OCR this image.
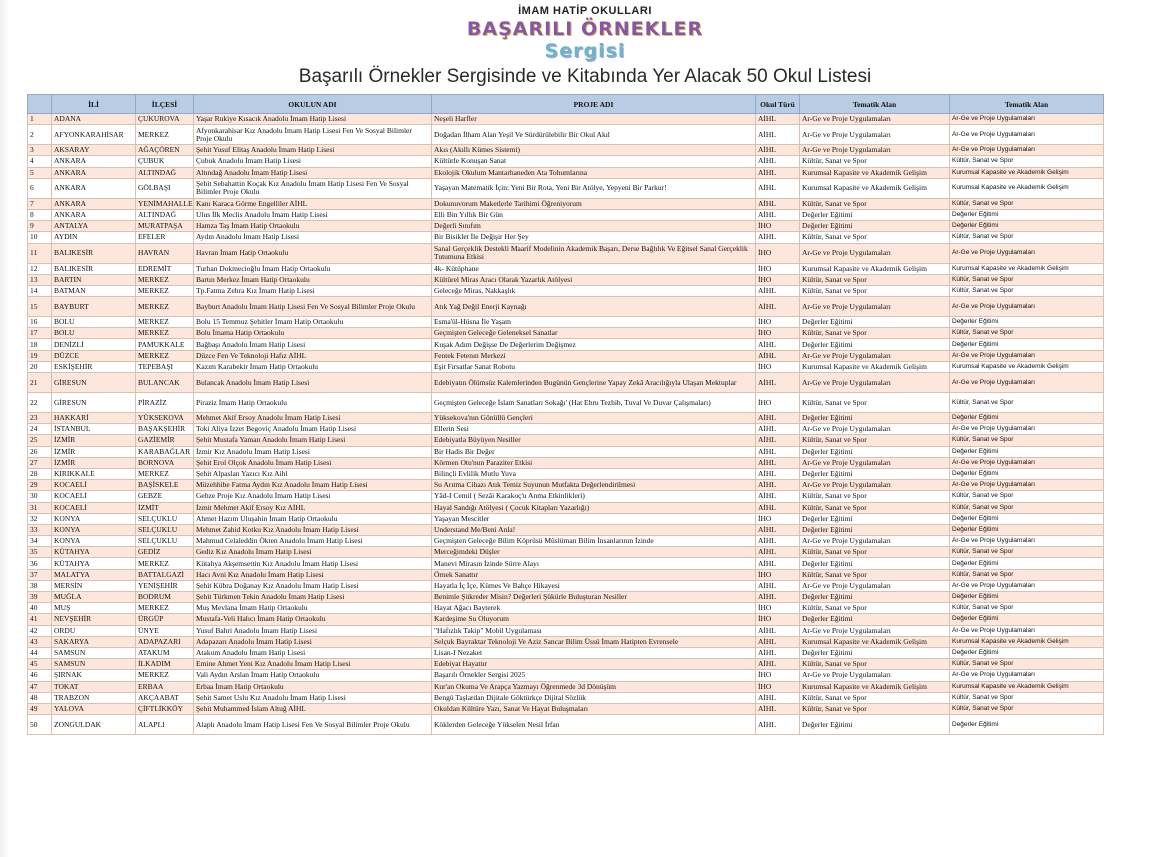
İMAM HATİP OKULLARI
BAŞARILI ÖRNEKLER
Sergisi
Başarılı Örnekler Sergisinde ve Kitabında Yer Alacak 50 Okul Listesi
	İLİ	İLÇESİ	OKULUN ADI	PROJE ADI	Okul Türü	Tematik Alan	Tematik Alan
1	ADANA	ÇUKUROVA	Yaşar Rukiye Kısacık Anadolu İmam Hatip Lisesi	Neşeli Harfler	AİHL	Ar-Ge ve Proje Uygulamaları	Ar-Ge ve Proje Uygulamaları
2	AFYONKARAHİSAR	MERKEZ	Afyonkarahisar Kız Anadolu İmam Hatip Lisesi Fen Ve Sosyal Bilimler Proje Okulu	Doğadan İlham Alan Yeşil Ve Sürdürülebilir Bir Okul Akıl	AİHL	Ar-Ge ve Proje Uygulamaları	Ar-Ge ve Proje Uygulamaları
3	AKSARAY	AĞAÇÖREN	Şehit Yusuf Elitaş Anadolu İmam Hatip Lisesi	Akıs (Akıllı Kümes Sistemi)	AİHL	Ar-Ge ve Proje Uygulamaları	Ar-Ge ve Proje Uygulamaları
4	ANKARA	ÇUBUK	Çubuk Anadolu İmam Hatip Lisesi	Kültürle Konuşan Sanat	AİHL	Kültür, Sanat ve Spor	Kültür, Sanat ve Spor
5	ANKARA	ALTINDAĞ	Altındağ Anadolu İmam Hatip Lisesi	Ekolojik Okulum Mantarhaneden Ata Tohumlarına	AİHL	Kurumsal Kapasite ve Akademik Gelişim	Kurumsal Kapasite ve Akademik Gelişim
6	ANKARA	GÖLBAŞI	Şehit Sebahattin Koçak Kız Anadolu İmam Hatip Lisesi Fen Ve Sosyal Bilimler Proje Okulu	Yaşayan Matematik İçin: Yeni Bir Rota, Yeni Bir Atölye, Yepyeni Bir Parkur!	AİHL	Kurumsal Kapasite ve Akademik Gelişim	Kurumsal Kapasite ve Akademik Gelişim
7	ANKARA	YENİMAHALLE	Kanı Karaca Görme Engelliler AİHL	Dokunuvorum Maketlerle Tarihimi Öğreniyorum	AİHL	Kültür, Sanat ve Spor	Kültür, Sanat ve Spor
8	ANKARA	ALTINDAĞ	Ulus İlk Meclis Anadolu İmam Hatip Lisesi	Elli Bin Yıllık Bir Gün	AİHL	Değerler Eğitimi	Değerler Eğitimi
9	ANTALYA	MURATPAŞA	Hamza Taş İmam Hatip Ortaokulu	Değerli Sınıfım	İHO	Değerler Eğitimi	Değerler Eğitimi
10	AYDIN	EFELER	Aydın Anadolu İmam Hatip Lisesi	Bir Bisiklet İle Değişir Her Şey	AİHL	Kültür, Sanat ve Spor	Kültür, Sanat ve Spor
11	BALIKESİR	HAVRAN	Havran İmam Hatip Ortaokulu	Sanal Gerçeklik Destekli Maarif Modelinin Akademik Başarı, Derse Bağlılık Ve Eğitsel Sanal Gerçeklik Tutumuna Etkisi	İHO	Ar-Ge ve Proje Uygulamaları	Ar-Ge ve Proje Uygulamaları
12	BALIKESİR	EDREMİT	Turhan Dokmecioğlu İmam Hatip Ortaokulu	4k- Kütüphane	İHO	Kurumsal Kapasite ve Akademik Gelişim	Kurumsal Kapasite ve Akademik Gelişim
13	BARTIN	MERKEZ	Bartın Merkez İmam Hatip Ortaokulu	Kültürel Miras Aracı Olarak Yazarlık Atölyesi	İHO	Kültür, Sanat ve Spor	Kültür, Sanat ve Spor
14	BATMAN	MERKEZ	Tp.Fatma Zehra Kız İmam Hatip Lisesi	Geleceğe Miras, Nakkaşlık	AİHL	Kültür, Sanat ve Spor	Kültür, Sanat ve Spor
15	BAYBURT	MERKEZ	Bayburt Anadolu İmam Hatip Lisesi Fen Ve Sosyal Bilimler Proje Okulu	Atık Yağ Değil Enerji Kaynağı	AİHL	Ar-Ge ve Proje Uygulamaları	Ar-Ge ve Proje Uygulamaları
16	BOLU	MERKEZ	Bolu 15 Temmuz Şehitler İmam Hatip Ortaokulu	Esma'ül-Hüsna İle Yaşam	İHO	Değerler Eğitimi	Değerler Eğitimi
17	BOLU	MERKEZ	Bolu İmama Hatip Ortaokulu	Geçmişten Geleceğe Geleneksel Sanatlar	İHO	Kültür, Sanat ve Spor	Kültür, Sanat ve Spor
18	DENİZLİ	PAMUKKALE	Bağbaşı Anadolu İmam Hatip Lisesi	Kuşak Adım Değişse De Değerlerim Değişmez	AİHL	Değerler Eğitimi	Değerler Eğitimi
19	DÜZCE	MERKEZ	Düzce Fen Ve Teknoloji Hafız AİHL	Fentek Fetenın Merkezi	AİHL	Ar-Ge ve Proje Uygulamaları	Ar-Ge ve Proje Uygulamaları
20	ESKİŞEHİR	TEPEBAŞI	Kazım Karabekir İmam Hatip Ortaokulu	Eşit Fırsatlar Sanat Robotu	İHO	Kurumsal Kapasite ve Akademik Gelişim	Kurumsal Kapasite ve Akademik Gelişim
21	GİRESUN	BULANCAK	Bulancak Anadolu İmam Hatip Lisesi	Edebiyatın Ölümsüz Kalemlerinden Bugünün Gençlerine Yapay Zekâ Aracılığıyla Ulaşan Mektuplar	AİHL	Ar-Ge ve Proje Uygulamaları	Ar-Ge ve Proje Uygulamaları
22	GİRESUN	PİRAZİZ	Piraziz İmam Hatip Ortaokulu	Geçmişten Geleceğe İslam Sanatları Sokağı' (Hat Ebru Tezhib, Tuval Ve Duvar Çalışmaları)	İHO	Kültür, Sanat ve Spor	Kültür, Sanat ve Spor
23	HAKKARİ	YÜKSEKOVA	Mehmet Akif Ersoy Anadolu İmam Hatip Lisesi	Yüksekova'nın Gönüllü Gençleri	AİHL	Değerler Eğitimi	Değerler Eğitimi
24	İSTANBUL	BAŞAKŞEHİR	Toki Aliya İzzet Begoviç Anadolu İmam Hatip Lisesi	Ellerin Sesi	AİHL	Ar-Ge ve Proje Uygulamaları	Ar-Ge ve Proje Uygulamaları
25	İZMİR	GAZİEMİR	Şehit Mustafa Yaman Anadolu İmam Hatip Lisesi	Edebiyatla Büyüyen Nesiller	AİHL	Kültür, Sanat ve Spor	Kültür, Sanat ve Spor
26	İZMİR	KARABAĞLAR	İzmir Kız Anadolu İmam Hatip Lisesi	Bir Hadis Bir Değer	AİHL	Değerler Eğitimi	Değerler Eğitimi
27	İZMİR	BORNOVA	Şehit Erol Olçok Anadolu İmam Hatip Lisesi	Körmen Otu'nun Paraziter Etkisi	AİHL	Ar-Ge ve Proje Uygulamaları	Ar-Ge ve Proje Uygulamaları
28	KIRIKKALE	MERKEZ	Şehit Alpaslan Yazıcı Kız Aihl	Bilinçli Evlilik Mutlu Yuva	AİHL	Değerler Eğitimi	Değerler Eğitimi
29	KOCAELİ	BAŞİSKELE	Müzehhibe Fatma Aydın Kız Anadolu İmam Hatip Lisesi	Su Arıtma Cihazı Atık Temiz Suyunun Mutfakta Değerlendirilmesi	AİHL	Ar-Ge ve Proje Uygulamaları	Ar-Ge ve Proje Uygulamaları
30	KOCAELİ	GEBZE	Gebze Proje Kız Anadolu İmam Hatip Lisesi	Yâd-I Cemil ( Sezâi Karakoç'u Anma Etkinlikleri)	AİHL	Kültür, Sanat ve Spor	Kültür, Sanat ve Spor
31	KOCAELİ	İZMİT	İzmit Mehmet Akif Ersoy Kız AİHL	Hayal Sandığı Atölyesi ( Çocuk Kitapları Yazarlığı)	AİHL	Kültür, Sanat ve Spor	Kültür, Sanat ve Spor
32	KONYA	SELÇUKLU	Ahmet Hazım Uluşahin İmam Hatip Ortaokulu	Yaşayan Mescitler	İHO	Değerler Eğitimi	Değerler Eğitimi
33	KONYA	SELÇUKLU	Mehmet Zahid Kotku Kız Anadolu İmam Hatip Lisesi	Understand Me/Beni Anla!	AİHL	Değerler Eğitimi	Değerler Eğitimi
34	KONYA	SELÇUKLU	Mahmud Celaleddin Ökten Anadolu İmam Hatip Lisesi	Geçmişten Geleceğe Bilim Köprüsü Müslüman Bilim İnsanlarının İzinde	AİHL	Ar-Ge ve Proje Uygulamaları	Ar-Ge ve Proje Uygulamaları
35	KÜTAHYA	GEDİZ	Gediz Kız Anadolu İmam Hatip Lisesi	Merceğimdeki Düşler	AİHL	Kültür, Sanat ve Spor	Kültür, Sanat ve Spor
36	KÜTAHYA	MERKEZ	Kütahya Akşemsettin Kız Anadolu İmam Hatip Lisesi	Manevi Mirasın İzinde Sürre Alayı	AİHL	Değerler Eğitimi	Değerler Eğitimi
37	MALATYA	BATTALGAZİ	Hacı Avni Kız Anadolu İmam Hatip Lisesi	Örnek Sanattır	İHO	Kültür, Sanat ve Spor	Kültür, Sanat ve Spor
38	MERSİN	YENİŞEHİR	Şehit Kübra Doğanay Kız Anadolu İmam Hatip Lisesi	Hayatla İç İçe, Kümes Ve Bahçe Hikayesi	AİHL	Ar-Ge ve Proje Uygulamaları	Ar-Ge ve Proje Uygulamaları
39	MUĞLA	BODRUM	Şehit Türkmen Tekin Anadolu İmam Hatip Lisesi	Benimle Şükreder Misin? Değerleri Şükürle Buluşturan Nesiller	AİHL	Değerler Eğitimi	Değerler Eğitimi
40	MUŞ	MERKEZ	Muş Mevlana İmam Hatip Ortaokulu	Hayat Ağacı Bayterek	İHO	Kültür, Sanat ve Spor	Kültür, Sanat ve Spor
41	NEVŞEHİR	ÜRGÜP	Mustafa-Veli Halıcı İmam Hatip Ortaokulu	Kardeşime Su Oluyorum	İHO	Değerler Eğitimi	Değerler Eğitimi
42	ORDU	ÜNYE	Yusuf Bahri Anadolu İmam Hatip Lisesi	"Hafızlık Takip" Mobil Uygulaması	AİHL	Ar-Ge ve Proje Uygulamaları	Ar-Ge ve Proje Uygulamaları
43	SAKARYA	ADAPAZARI	Adapazarı Anadolu İmam Hatip Lisesi	Selçuk Bayraktar Teknoloji Ve Aziz Sancar Bilim Üssü İmam Hatipten Evrensele	AİHL	Kurumsal Kapasite ve Akademik Gelişim	Kurumsal Kapasite ve Akademik Gelişim
44	SAMSUN	ATAKUM	Atakum Anadolu İmam Hatip Lisesi	Lisan-I Nezaket	AİHL	Değerler Eğitimi	Değerler Eğitimi
45	SAMSUN	İLKADIM	Emine Ahmet Yeni Kız Anadolu İmam Hatip Lisesi	Edebiyat Hayattır	AİHL	Kültür, Sanat ve Spor	Kültür, Sanat ve Spor
46	ŞIRNAK	MERKEZ	Vali Aydın Arslan İmam Hatip Ortaokulu	Başarılı Örnekler Sergisi 2025	İHO	Ar-Ge ve Proje Uygulamaları	Ar-Ge ve Proje Uygulamaları
47	TOKAT	ERBAA	Erbaa İmam Hatip Ortaokulu	Kur'an Okuma Ve Arapça Yazmayı Öğrenmede 3d Dönüşüm	İHO	Kurumsal Kapasite ve Akademik Gelişim	Kurumsal Kapasite ve Akademik Gelişim
48	TRABZON	AKÇAABAT	Şehit Samet Uslu Kız Anadolu İmam Hatip Lisesi	Bengü Taşlardan Dijitale Göktürkçe Dijital Sözlük	AİHL	Kültür, Sanat ve Spor	Kültür, Sanat ve Spor
49	YALOVA	ÇİFTLİKKÖY	Şehit Muhammed İslam Altuğ AİHL	Okuldan Kültüre Yazı, Sanat Ve Hayat Buluşmaları	AİHL	Kültür, Sanat ve Spor	Kültür, Sanat ve Spor
50	ZONGULDAK	ALAPLI	Alaplı Anadolu İmam Hatip Lisesi Fen Ve Sosyal Bilimler Proje Okulu	Köklerden Geleceğe Yükselen Nesil İrfan	AİHL	Değerler Eğitimi	Değerler Eğitimi
